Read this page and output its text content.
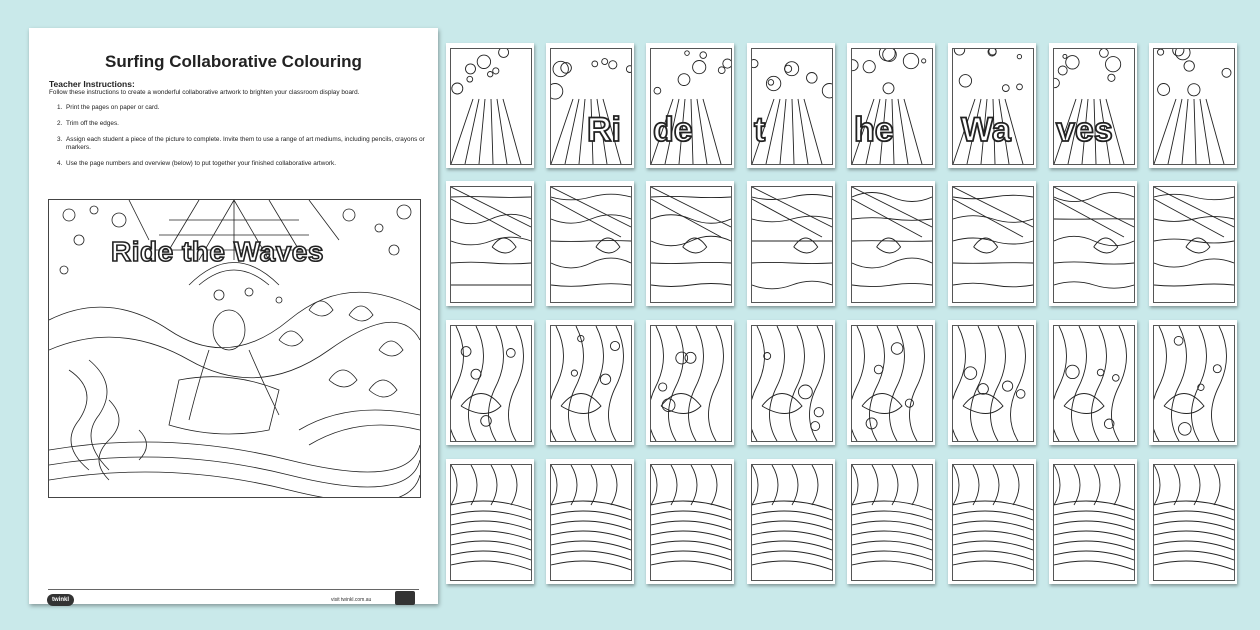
Surfing Collaborative Colouring
Teacher Instructions:
Follow these instructions to create a wonderful collaborative artwork to brighten your classroom display board.
1. Print the pages on paper or card.
2. Trim off the edges.
3. Assign each student a piece of the picture to complete. Invite them to use a range of art mediums, including pencils, crayons or markers.
4. Use the page numbers and overview (below) to put together your finished collaborative artwork.
Ride the Waves
twinkl	visit twinkl.com.au
Ri de t	he Wa ves
